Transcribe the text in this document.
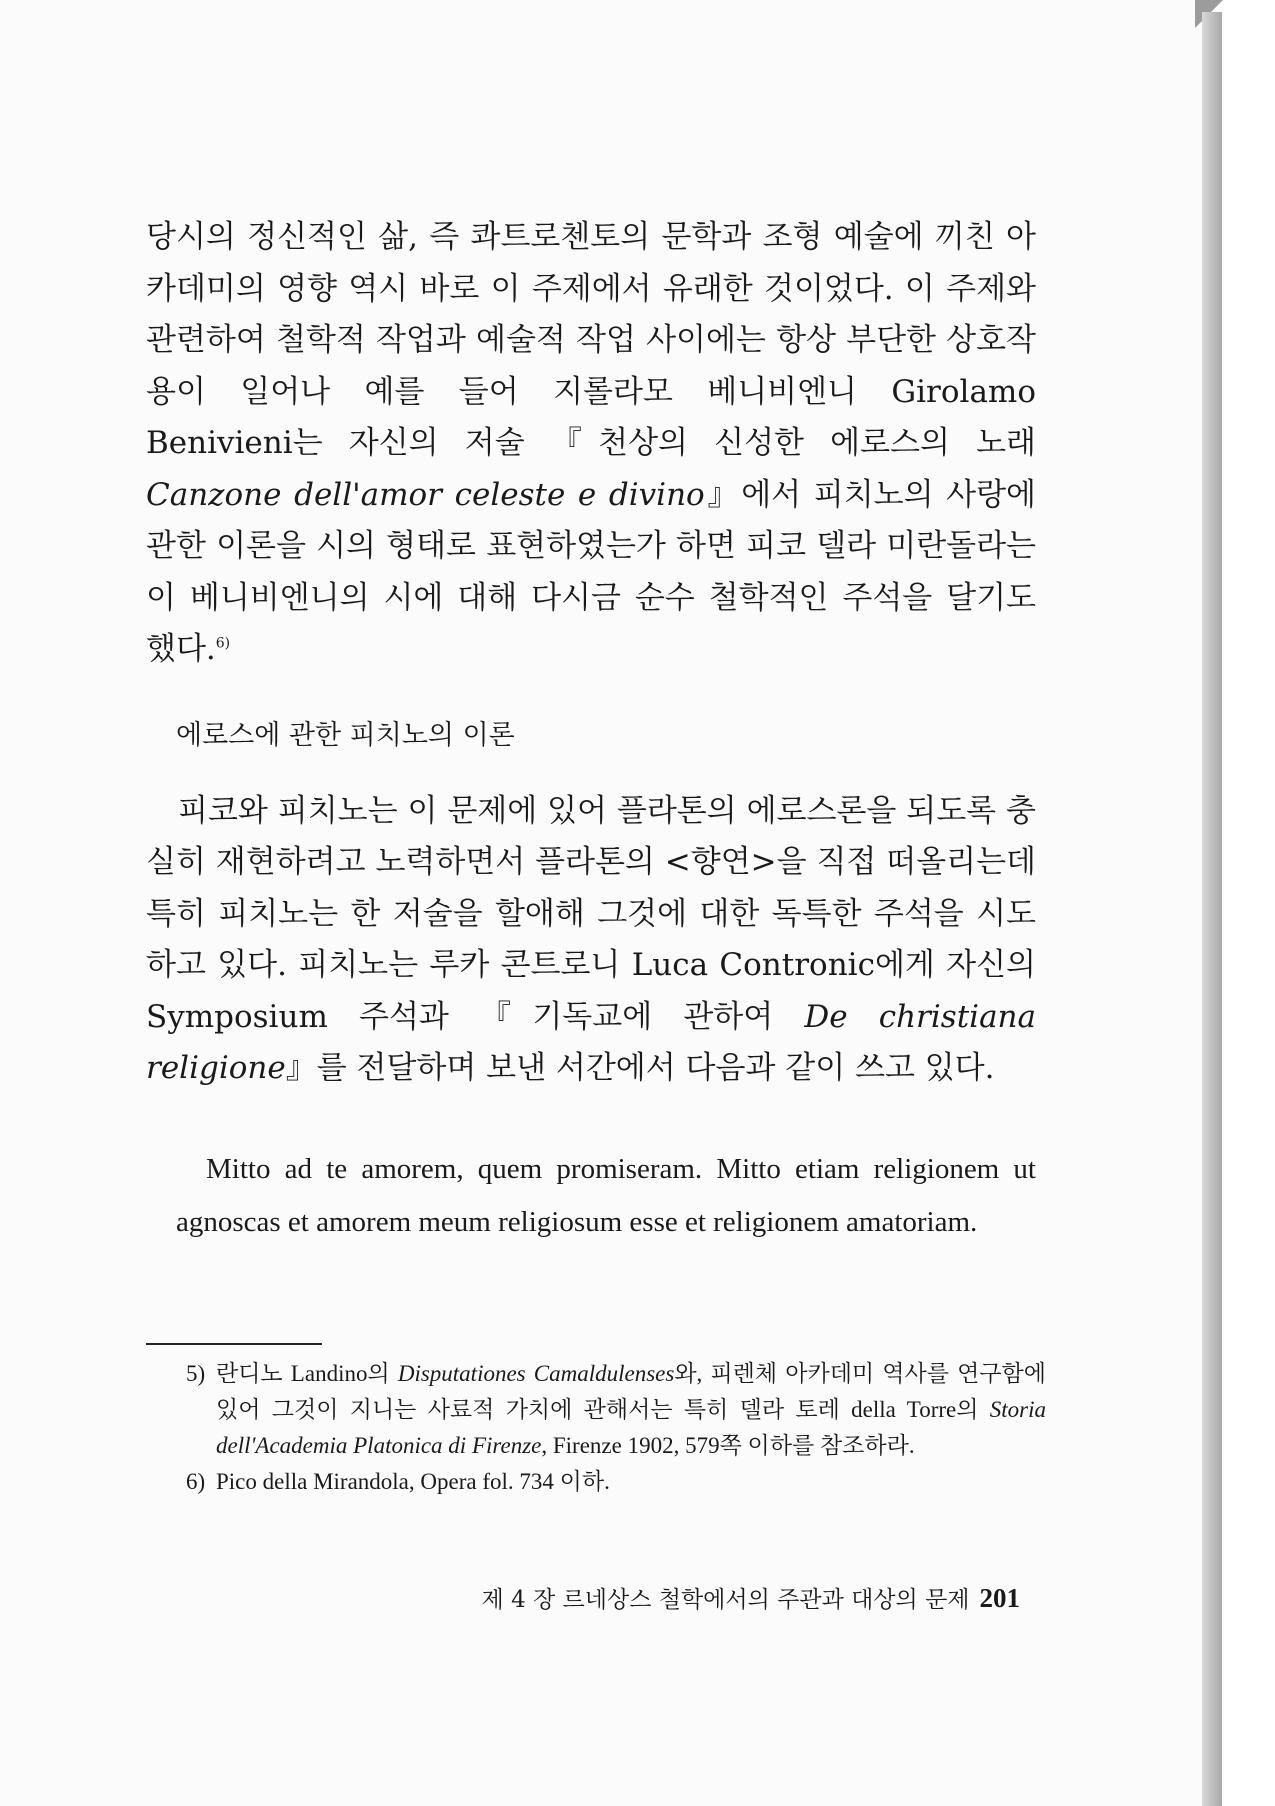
당시의 정신적인 삶, 즉 콰트로첸토의 문학과 조형 예술에 끼친 아카데미의 영향 역시 바로 이 주제에서 유래한 것이었다. 이 주제와 관련하여 철학적 작업과 예술적 작업 사이에는 항상 부단한 상호작용이 일어나 예를 들어 지롤라모 베니비엔니 Girolamo Benivieni는 자신의 저술 『천상의 신성한 에로스의 노래 Canzone dell'amor celeste e divino』에서 피치노의 사랑에 관한 이론을 시의 형태로 표현하였는가 하면 피코 델라 미란돌라는 이 베니비엔니의 시에 대해 다시금 순수 철학적인 주석을 달기도 했다.$^{6)}$

에로스에 관한 피치노의 이론

피코와 피치노는 이 문제에 있어 플라톤의 에로스론을 되도록 충실히 재현하려고 노력하면서 플라톤의 <향연>을 직접 떠올리는데 특히 피치노는 한 저술을 할애해 그것에 대한 독특한 주석을 시도하고 있다. 피치노는 루카 콘트로니 Luca Contronic에게 자신의 Symposium 주석과 『기독교에 관하여 De christiana religione』를 전달하며 보낸 서간에서 다음과 같이 쓰고 있다.

Mitto ad te amorem, quem promiseram. Mitto etiam religionem ut agnoscas et amorem meum religiosum esse et religionem amatoriam.

5) 란디노 Landino의 Disputationes Camaldulenses와, 피렌체 아카데미 역사를 연구함에 있어 그것이 지니는 사료적 가치에 관해서는 특히 델라 토레 della Torre의 Storia dell'Academia Platonica di Firenze, Firenze 1902, 579쪽 이하를 참조하라.

6) Pico della Mirandola, Opera fol. 734 이하.

제 4 장 르네상스 철학에서의 주관과 대상의 문제 201
